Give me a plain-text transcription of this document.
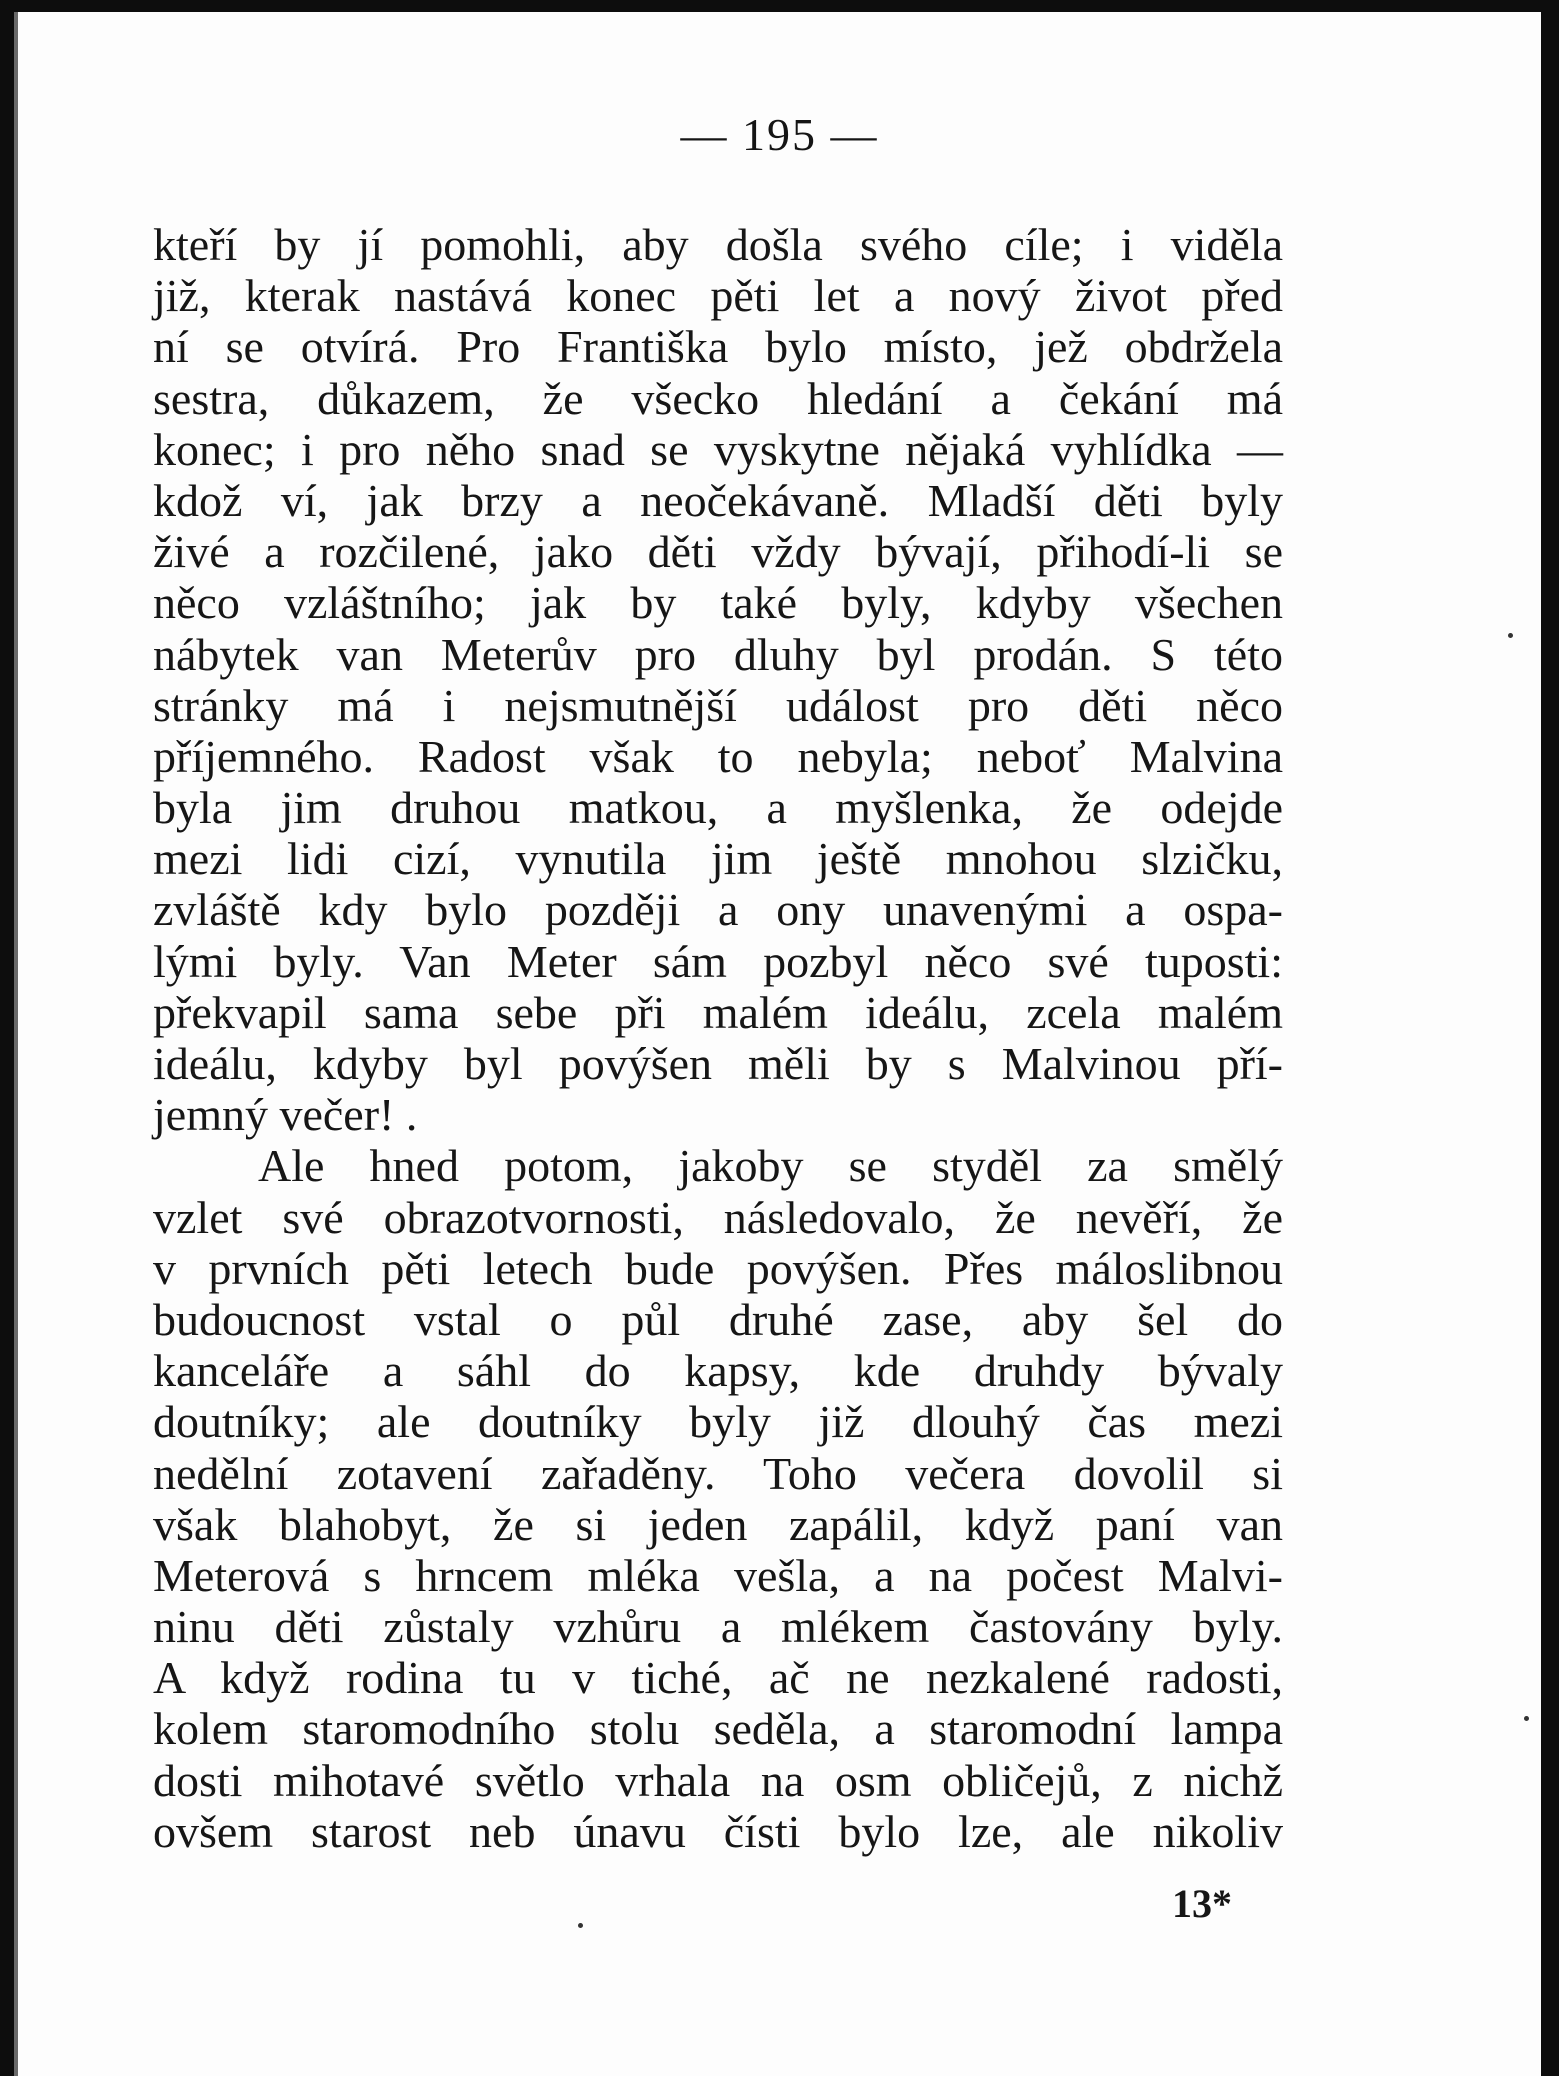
— 195 —
kteří by jí pomohli, aby došla svého cíle; i viděla
již, kterak nastává konec pěti let a nový život před
ní se otvírá. Pro Františka bylo místo, jež obdržela
sestra, důkazem, že všecko hledání a čekání má
konec; i pro něho snad se vyskytne nějaká vyhlídka —
kdož ví, jak brzy a neočekávaně. Mladší děti byly
živé a rozčilené, jako děti vždy bývají, přihodí-li se
něco vzláštního; jak by také byly, kdyby všechen
nábytek van Meterův pro dluhy byl prodán. S této
stránky má i nejsmutnější událost pro děti něco
příjemného. Radost však to nebyla; neboť Malvina
byla jim druhou matkou, a myšlenka, že odejde
mezi lidi cizí, vynutila jim ještě mnohou slzičku,
zvláště kdy bylo později a ony unavenými a ospa-
lými byly. Van Meter sám pozbyl něco své tuposti:
překvapil sama sebe při malém ideálu, zcela malém
ideálu, kdyby byl povýšen měli by s Malvinou pří-
jemný večer! .
Ale hned potom, jakoby se styděl za smělý
vzlet své obrazotvornosti, následovalo, že nevěří, že
v prvních pěti letech bude povýšen. Přes máloslibnou
budoucnost vstal o půl druhé zase, aby šel do
kanceláře a sáhl do kapsy, kde druhdy bývaly
doutníky; ale doutníky byly již dlouhý čas mezi
nedělní zotavení zařaděny. Toho večera dovolil si
však blahobyt, že si jeden zapálil, když paní van
Meterová s hrncem mléka vešla, a na počest Malvi-
ninu děti zůstaly vzhůru a mlékem častovány byly.
A když rodina tu v tiché, ač ne nezkalené radosti,
kolem staromodního stolu seděla, a staromodní lampa
dosti mihotavé světlo vrhala na osm obličejů, z nichž
ovšem starost neb únavu čísti bylo lze, ale nikoliv
13*
